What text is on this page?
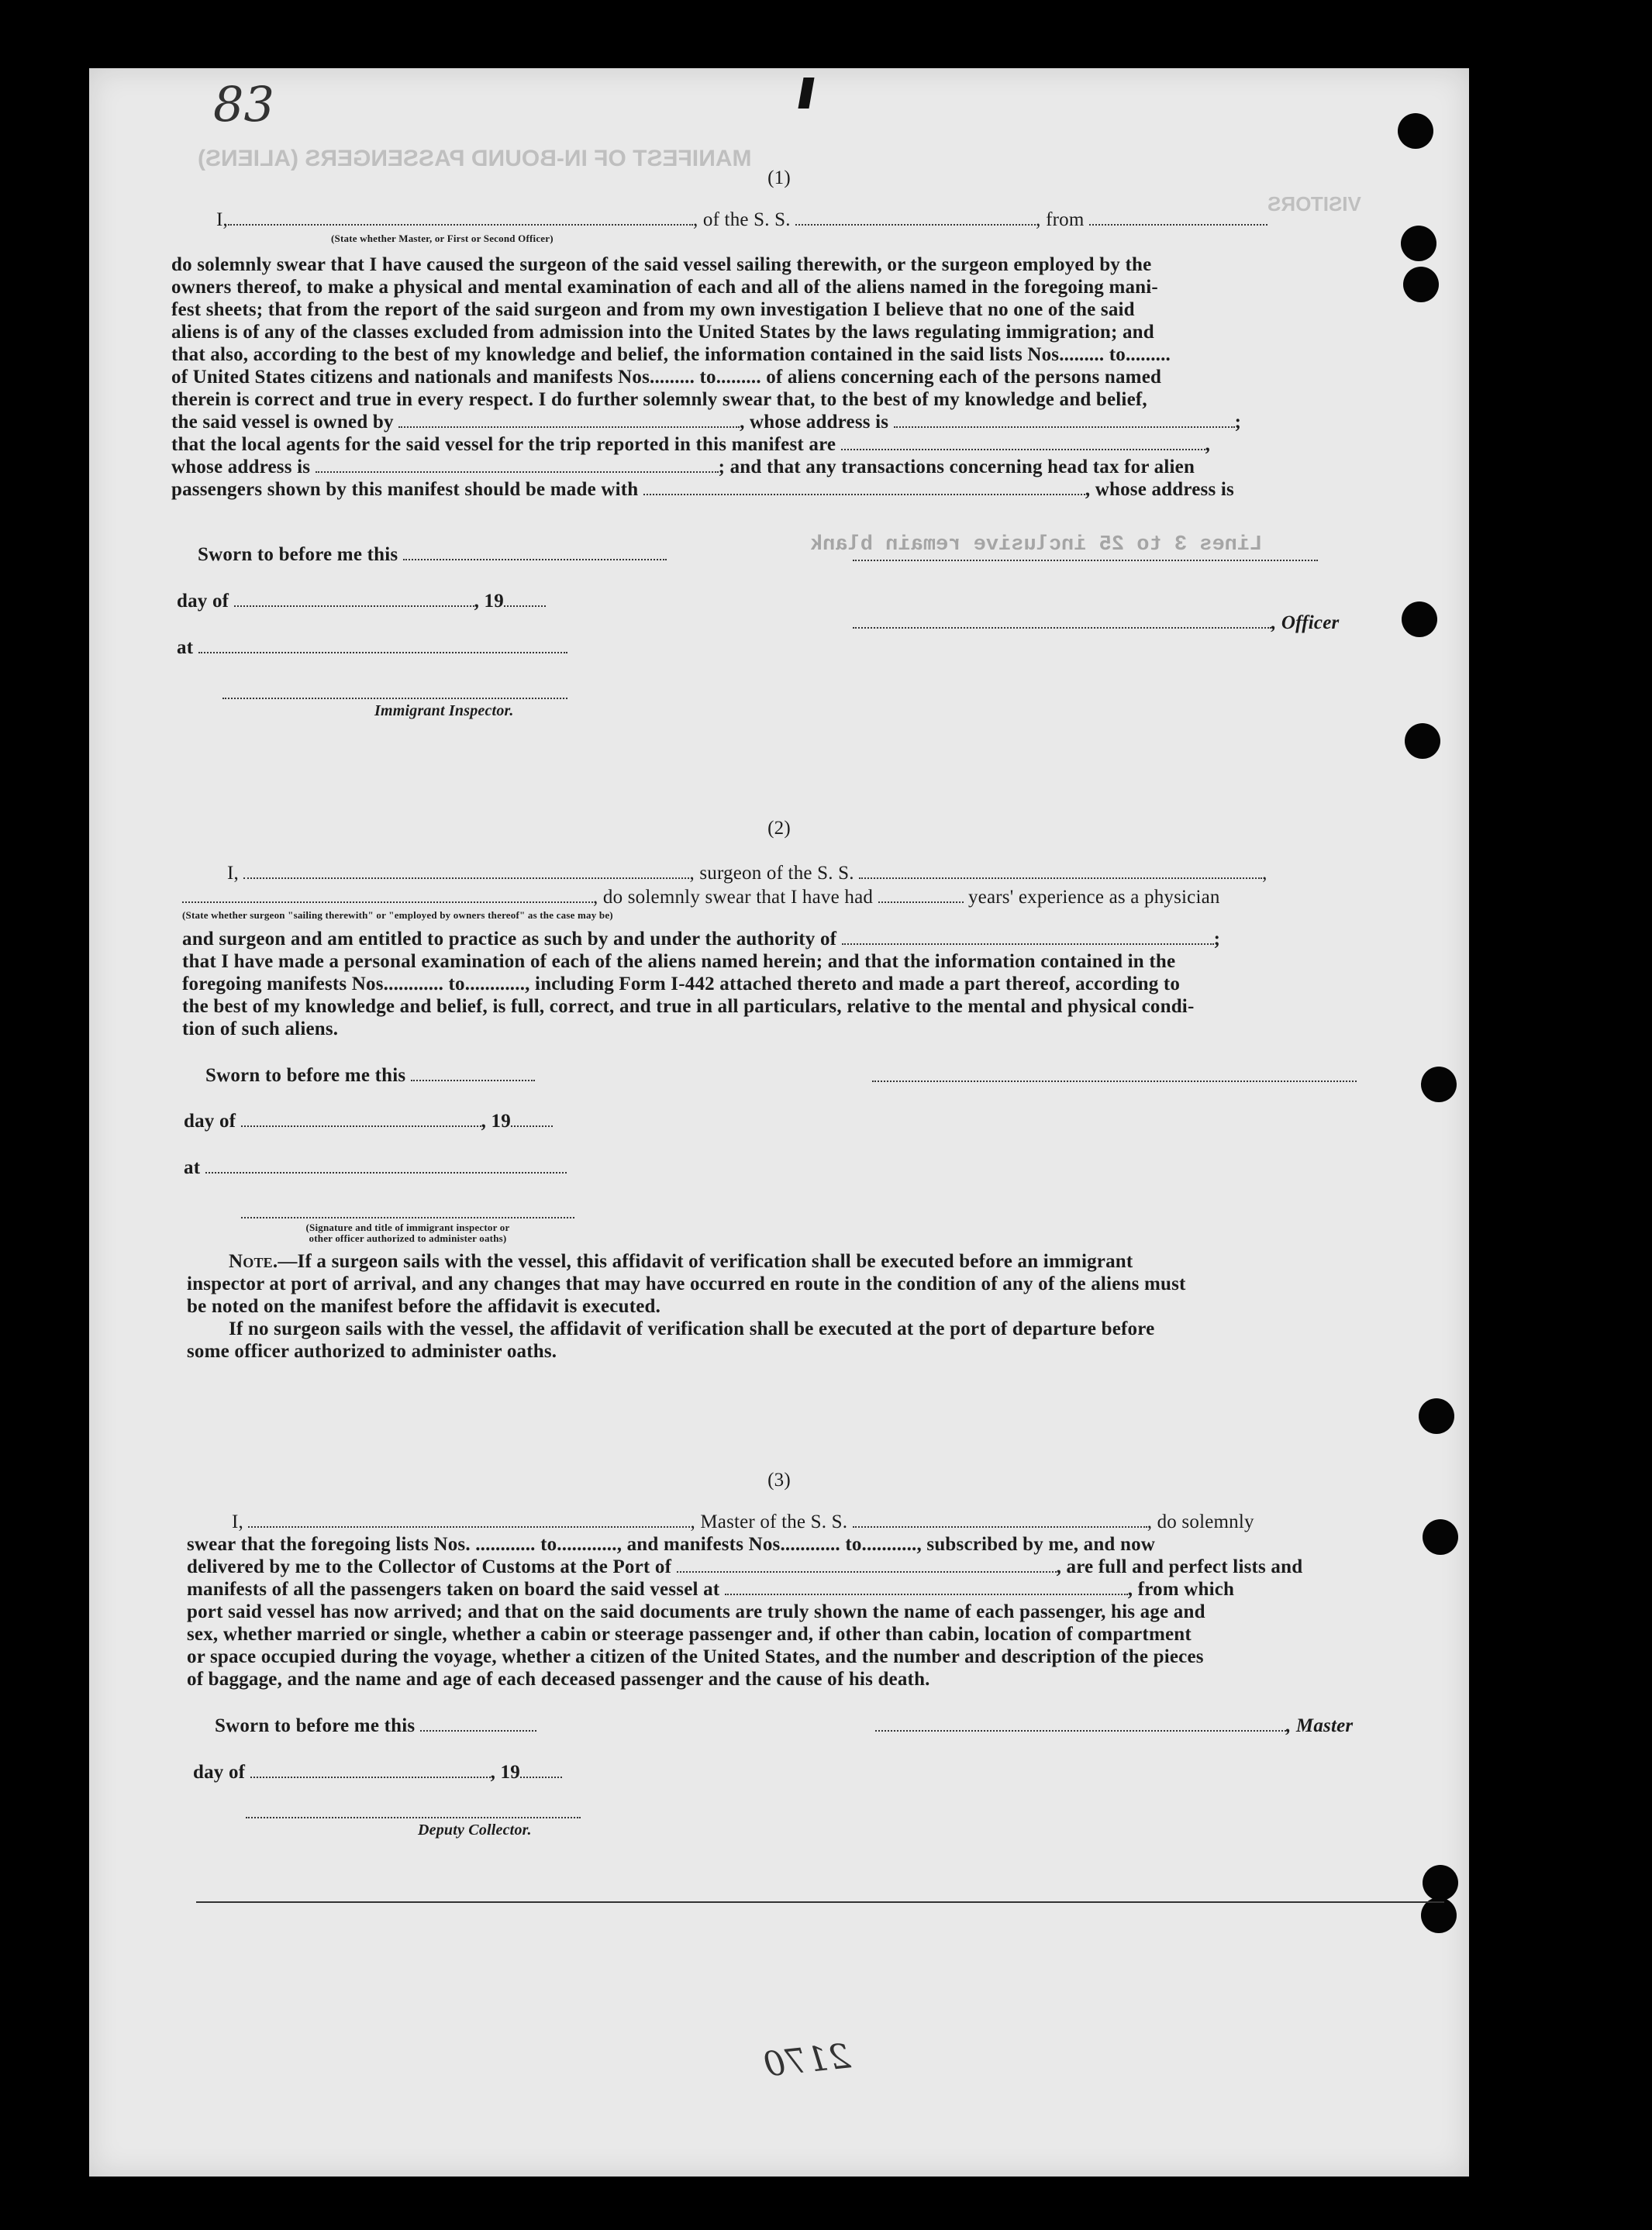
MANIFEST OF IN-BOUND PASSENGERS (ALIENS)
VISITORS
Lines 3 to 25 inclusive remain blank
83
(1)
I,	, of the S. S.	, from
(State whether Master, or First or Second Officer)
do solemnly swear that I have caused the surgeon of the said vessel sailing therewith, or the surgeon employed by the
owners thereof, to make a physical and mental examination of each and all of the aliens named in the foregoing mani-
fest sheets; that from the report of the said surgeon and from my own investigation I believe that no one of the said
aliens is of any of the classes excluded from admission into the United States by the laws regulating immigration; and
that also, according to the best of my knowledge and belief, the information contained in the said lists Nos......... to.........
of United States citizens and nationals and manifests Nos......... to......... of aliens concerning each of the persons named
therein is correct and true in every respect. I do further solemnly swear that, to the best of my knowledge and belief,
the said vessel is owned by	, whose address is	;
that the local agents for the said vessel for the trip reported in this manifest are	,
whose address is	; and that any transactions concerning head tax for alien
passengers shown by this manifest should be made with	, whose address is
Sworn to before me this
day of	, 19
, Officer
at
Immigrant Inspector.
(2)
I,	, surgeon of the S. S.	,
, do solemnly swear that I have had	years' experience as a physician
(State whether surgeon "sailing therewith" or "employed by owners thereof" as the case may be)
and surgeon and am entitled to practice as such by and under the authority of	;
that I have made a personal examination of each of the aliens named herein; and that the information contained in the
foregoing manifests Nos............ to............, including Form I-442 attached thereto and made a part thereof, according to
the best of my knowledge and belief, is full, correct, and true in all particulars, relative to the mental and physical condi-
tion of such aliens.
Sworn to before me this
day of	, 19
at
(Signature and title of immigrant inspector or
other officer authorized to administer oaths)
Note.—If a surgeon sails with the vessel, this affidavit of verification shall be executed before an immigrant
inspector at port of arrival, and any changes that may have occurred en route in the condition of any of the aliens must
be noted on the manifest before the affidavit is executed.
If no surgeon sails with the vessel, the affidavit of verification shall be executed at the port of departure before
some officer authorized to administer oaths.
(3)
I,	, Master of the S. S.	, do solemnly
swear that the foregoing lists Nos. ............ to............, and manifests Nos............ to..........., subscribed by me, and now
delivered by me to the Collector of Customs at the Port of	, are full and perfect lists and
manifests of all the passengers taken on board the said vessel at	, from which
port said vessel has now arrived; and that on the said documents are truly shown the name of each passenger, his age and
sex, whether married or single, whether a cabin or steerage passenger and, if other than cabin, location of compartment
or space occupied during the voyage, whether a citizen of the United States, and the number and description of the pieces
of baggage, and the name and age of each deceased passenger and the cause of his death.
Sworn to before me this	, Master
day of	, 19
Deputy Collector.
2170
